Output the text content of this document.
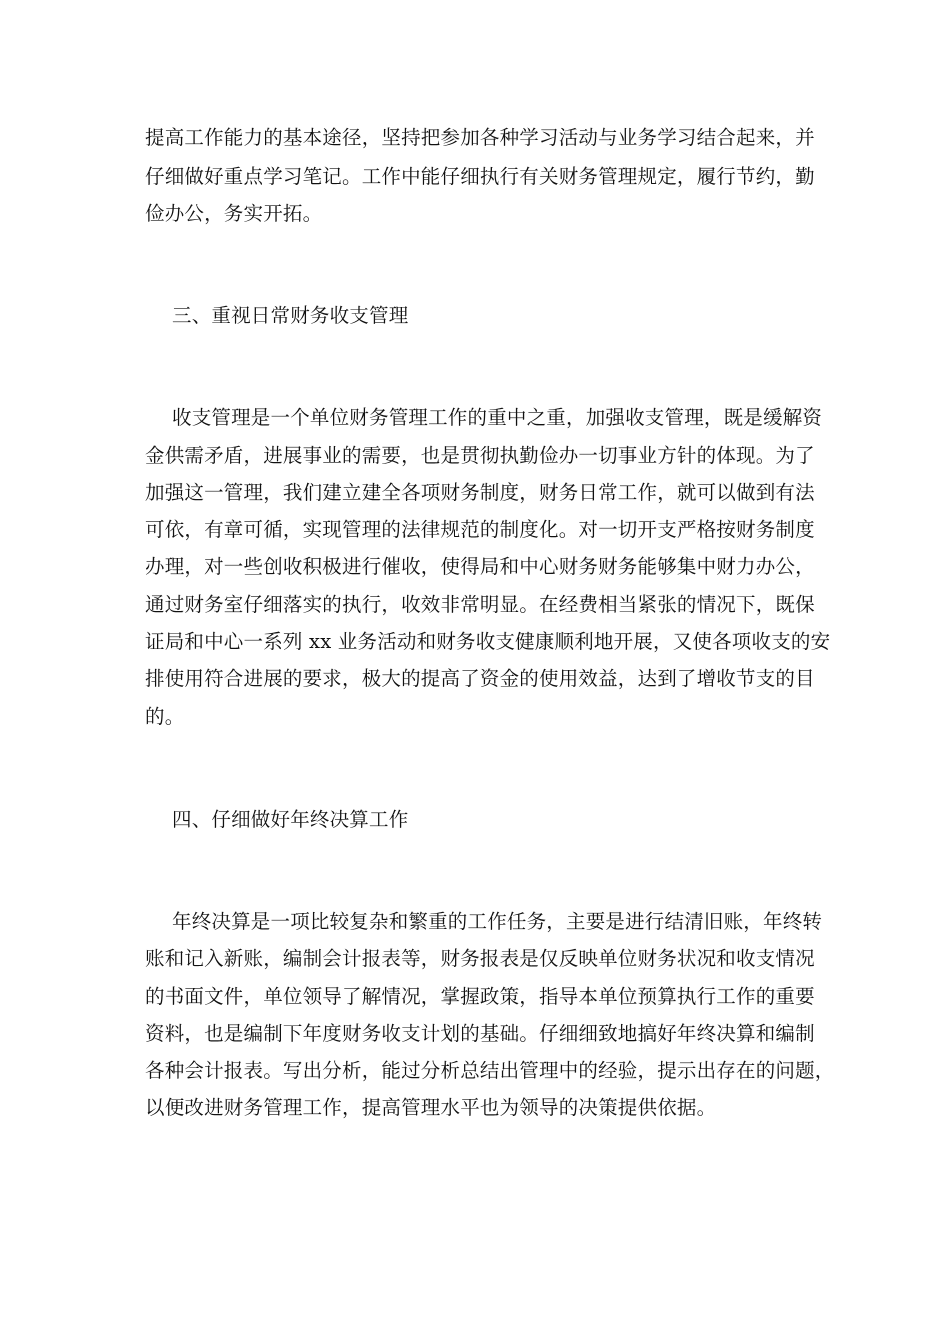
提高工作能力的基本途径，坚持把参加各种学习活动与业务学习结合起来，并
仔细做好重点学习笔记。工作中能仔细执行有关财务管理规定，履行节约，勤
俭办公，务实开拓。
三、重视日常财务收支管理
收支管理是一个单位财务管理工作的重中之重，加强收支管理，既是缓解资
金供需矛盾，进展事业的需要，也是贯彻执勤俭办一切事业方针的体现。为了
加强这一管理，我们建立建全各项财务制度，财务日常工作，就可以做到有法
可依，有章可循，实现管理的法律规范的制度化。对一切开支严格按财务制度
办理，对一些创收积极进行催收，使得局和中心财务财务能够集中财力办公，
通过财务室仔细落实的执行，收效非常明显。在经费相当紧张的情况下，既保
证局和中心一系列 xx 业务活动和财务收支健康顺利地开展，又使各项收支的安
排使用符合进展的要求，极大的提高了资金的使用效益，达到了增收节支的目
的。
四、仔细做好年终决算工作
年终决算是一项比较复杂和繁重的工作任务，主要是进行结清旧账，年终转
账和记入新账，编制会计报表等，财务报表是仅反映单位财务状况和收支情况
的书面文件，单位领导了解情况，掌握政策，指导本单位预算执行工作的重要
资料，也是编制下年度财务收支计划的基础。仔细细致地搞好年终决算和编制
各种会计报表。写出分析，能过分析总结出管理中的经验，提示出存在的问题，
以便改进财务管理工作，提高管理水平也为领导的决策提供依据。
